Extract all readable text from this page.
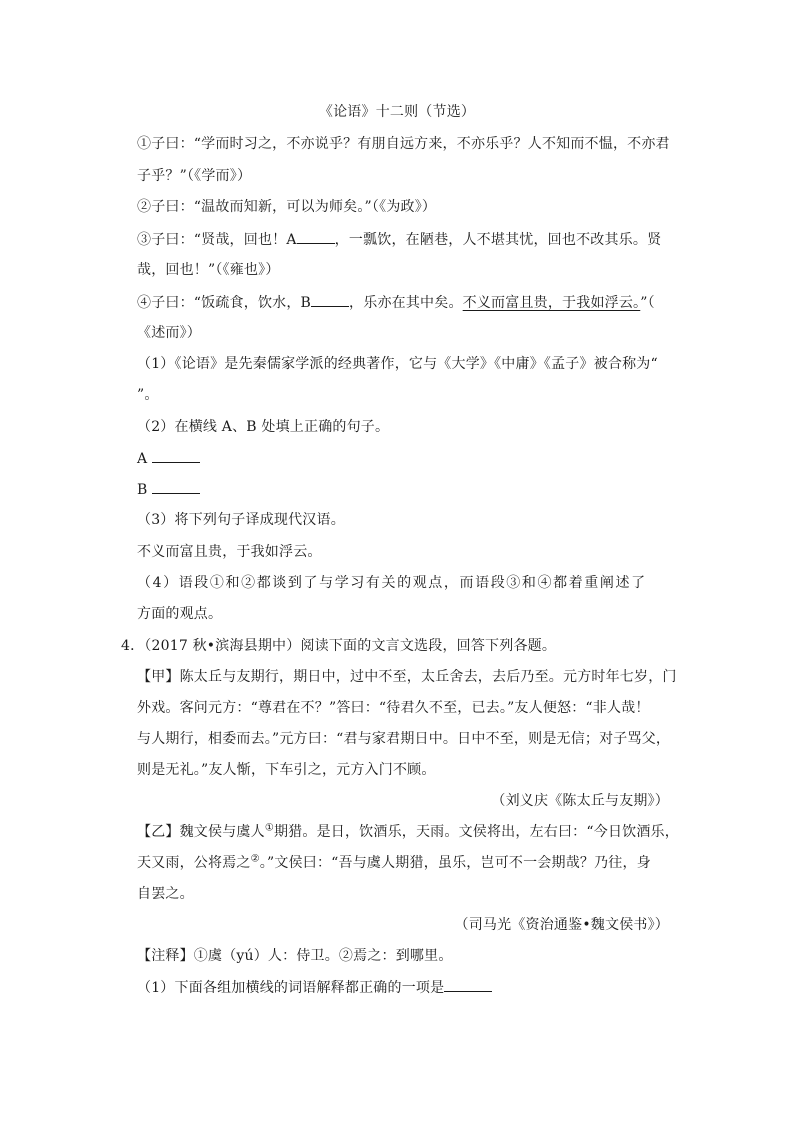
《论语》十二则（节选）
①子曰：“学而时习之，不亦说乎？有朋自远方来，不亦乐乎？人不知而不愠，不亦君
子乎？”（《学而》）
②子曰：“温故而知新，可以为师矣。”（《为政》）
③子曰：“贤哉，回也！A	，一瓢饮，在陋巷，人不堪其忧，回也不改其乐。贤
哉，回也！”（《雍也》）
④子曰：“饭疏食，饮水，B	，乐亦在其中矣。不义而富且贵，于我如浮云。”（
《述而》）
（1）《论语》是先秦儒家学派的经典著作，它与《大学》《中庸》《孟子》被合称为“
”。
（2）在横线 A、B 处填上正确的句子。
A
B
（3）将下列句子译成现代汉语。
不义而富且贵，于我如浮云。
（4）语段①和②都谈到了与学习有关的观点，而语段③和④都着重阐述了
方面的观点。
4．（2017 秋•滨海县期中）阅读下面的文言文选段，回答下列各题。
【甲】陈太丘与友期行，期日中，过中不至，太丘舍去，去后乃至。元方时年七岁，门
外戏。客问元方：“尊君在不？”答曰：“待君久不至，已去。”友人便怒：“非人哉！
与人期行，相委而去。”元方曰：“君与家君期日中。日中不至，则是无信；对子骂父，
则是无礼。”友人惭，下车引之，元方入门不顾。
（刘义庆《陈太丘与友期》）
【乙】魏文侯与虞人①期猎。是日，饮酒乐，天雨。文侯将出，左右曰：“今日饮酒乐，
天又雨，公将焉之②。”文侯曰：“吾与虞人期猎，虽乐，岂可不一会期哉？乃往，身
自罢之。
（司马光《资治通鉴•魏文侯书》）
【注释】①虞（yú）人：侍卫。②焉之：到哪里。
（1）下面各组加横线的词语解释都正确的一项是
